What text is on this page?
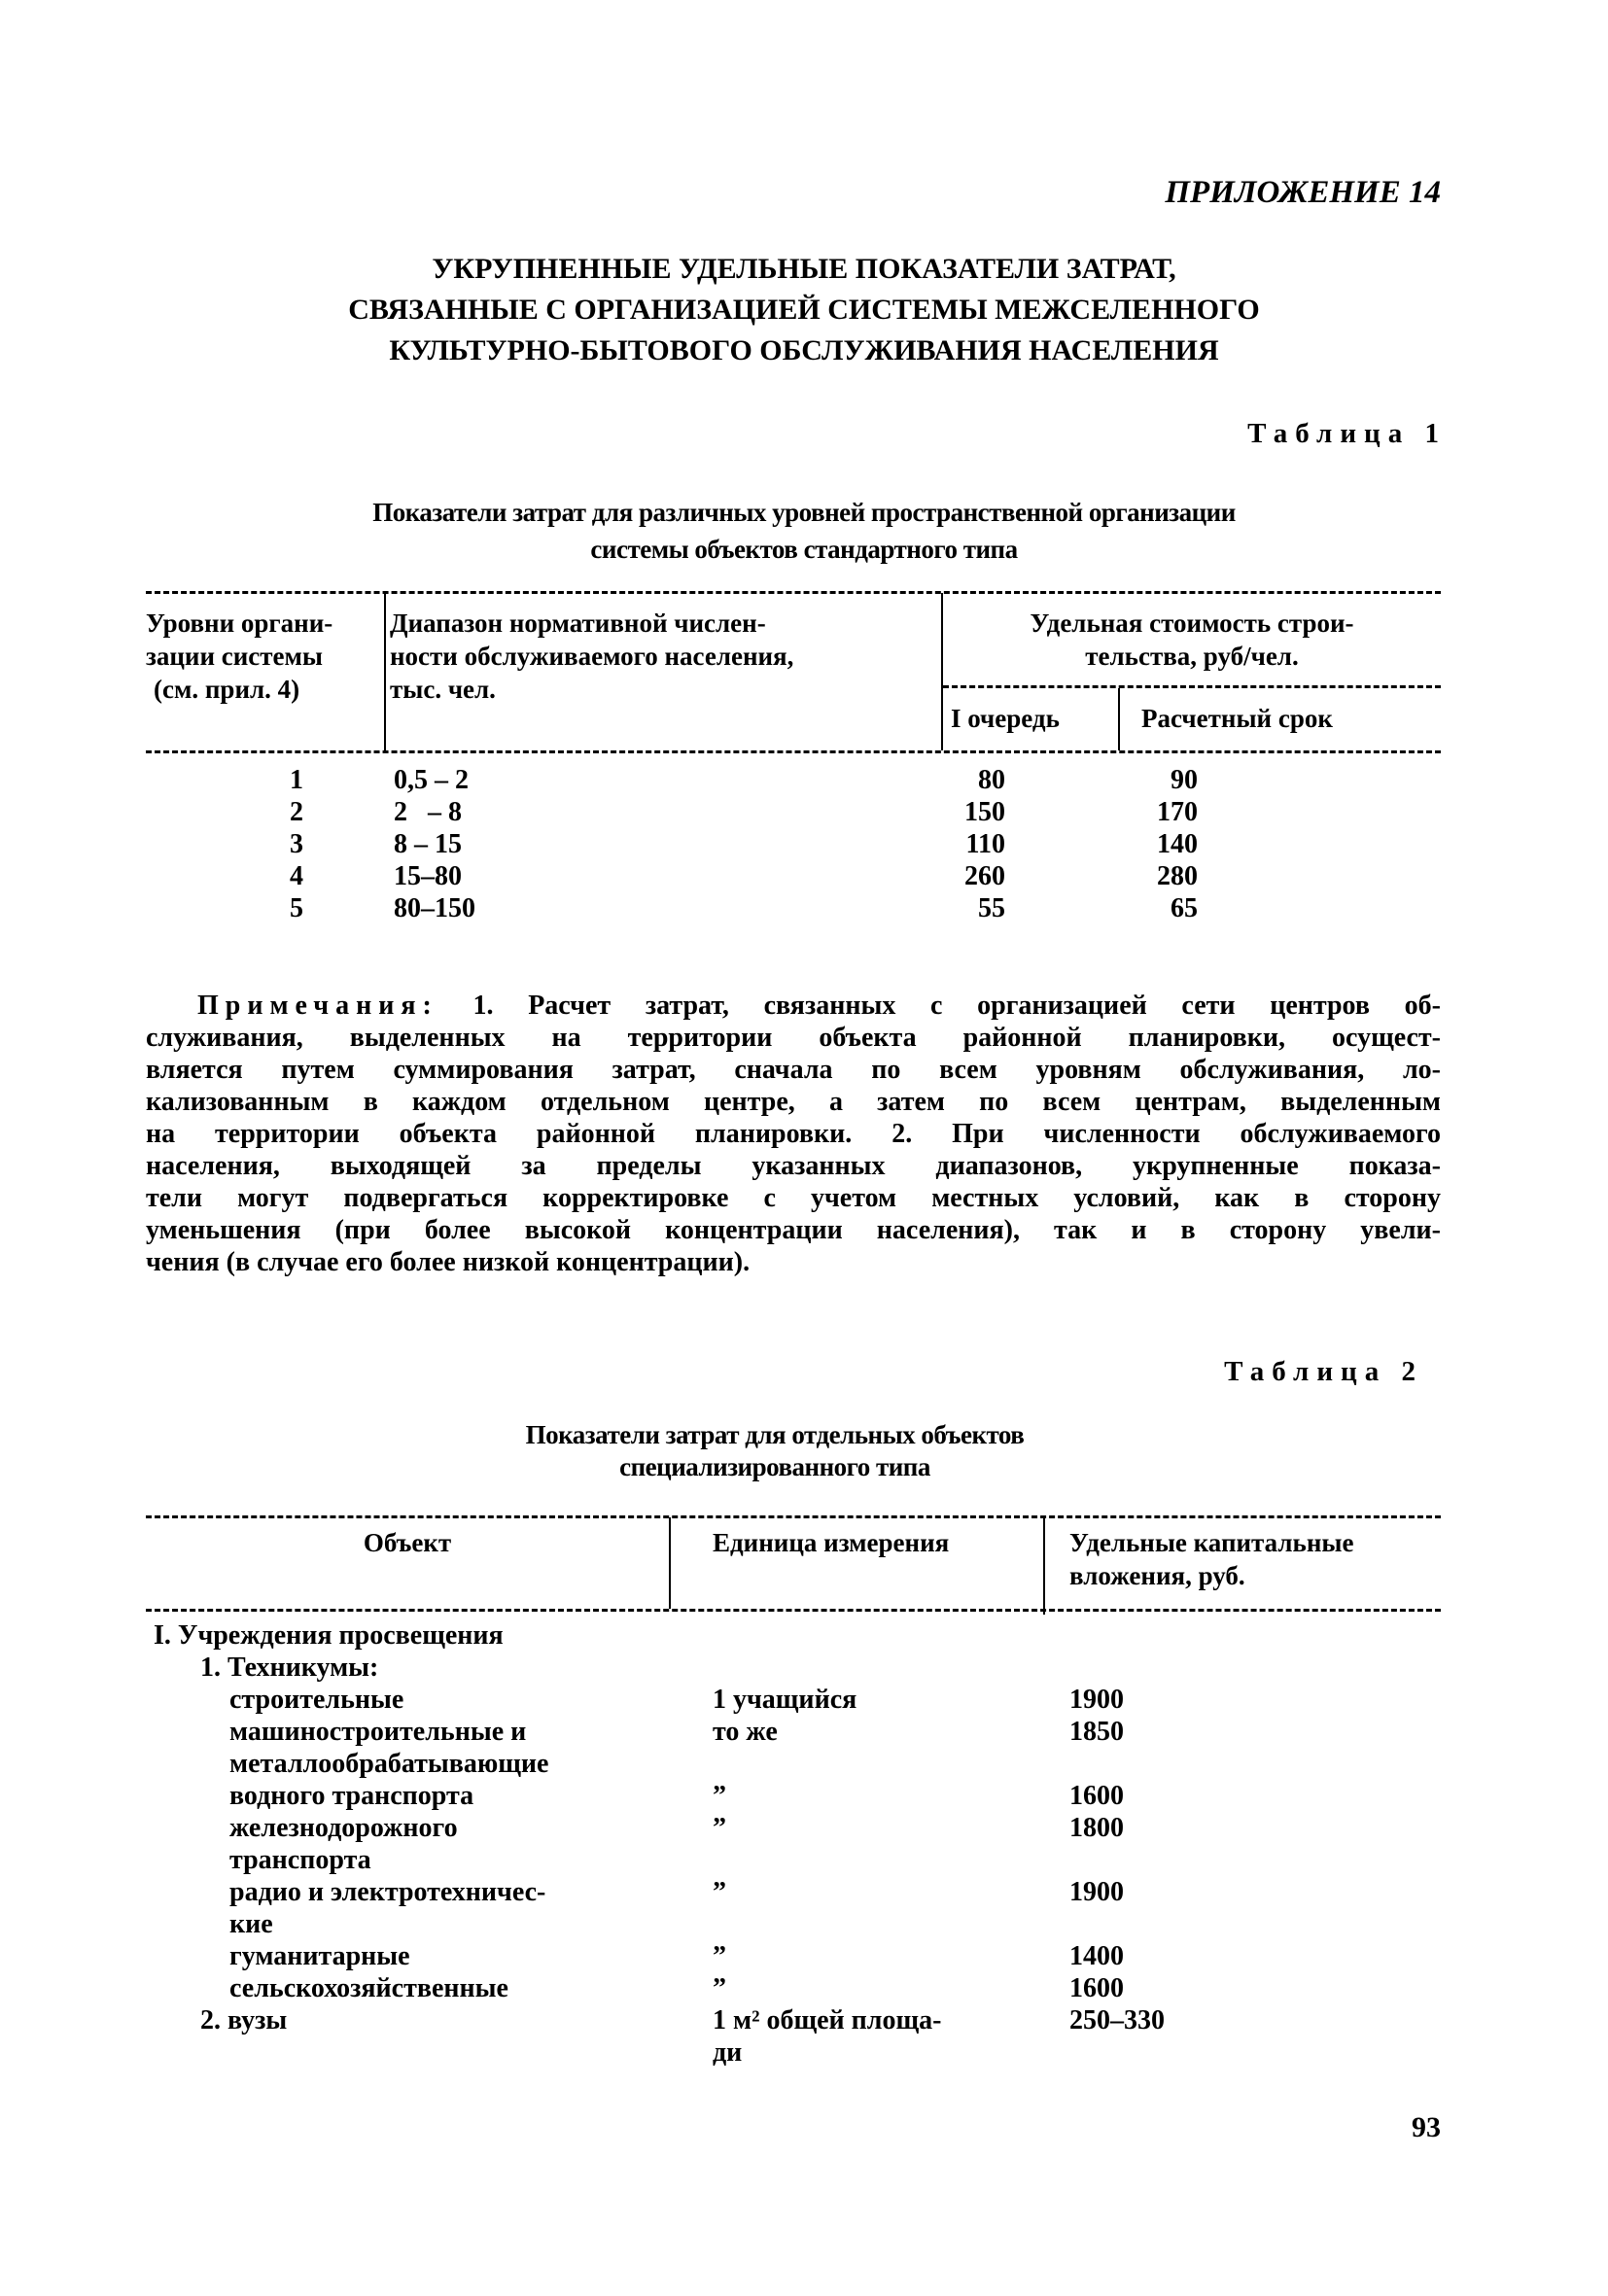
ПРИЛОЖЕНИЕ 14
УКРУПНЕННЫЕ УДЕЛЬНЫЕ ПОКАЗАТЕЛИ ЗАТРАТ,
СВЯЗАННЫЕ С ОРГАНИЗАЦИЕЙ СИСТЕМЫ МЕЖСЕЛЕННОГО
КУЛЬТУРНО-БЫТОВОГО ОБСЛУЖИВАНИЯ НАСЕЛЕНИЯ
Таблица 1
Показатели затрат для различных уровней пространственной организации
системы объектов стандартного типа
Уровни органи-
зации системы
(см. прил. 4)
Диапазон нормативной числен-
ности обслуживаемого населения,
тыс. чел.
Удельная стоимость строи-
тельства, руб/чел.
I очередь	Расчетный срок
1	0,5 – 2	80	90
2	2   – 8	150	170
3	8 – 15	110	140
4	15–80	260	280
5	80–150	55	65
Примечания: 1. Расчет затрат, связанных с организацией сети центров об-
служивания, выделенных на территории объекта районной планировки, осущест-
вляется путем суммирования затрат, сначала по всем уровням обслуживания, ло-
кализованным в каждом отдельном центре, а затем по всем центрам, выделенным
на территории объекта районной планировки. 2. При численности обслуживаемого
населения, выходящей за пределы указанных диапазонов, укрупненные показа-
тели могут подвергаться корректировке с учетом местных условий, как в сторону
уменьшения (при более высокой концентрации населения), так и в сторону увели-
чения (в случае его более низкой концентрации).
Таблица 2
Показатели затрат для отдельных объектов
специализированного типа
Объект	Единица измерения	Удельные капитальные
вложения, руб.
I. Учреждения просвещения
1. Техникумы:
строительные	1 учащийся	1900
машиностроительные и	то же	1850
металлообрабатывающие
водного транспорта	”	1600
железнодорожного	”	1800
транспорта
радио и электротехничес-	”	1900
кие
гуманитарные	”	1400
сельскохозяйственные	”	1600
2. вузы	1 м² общей площа-	250–330
ди
93
